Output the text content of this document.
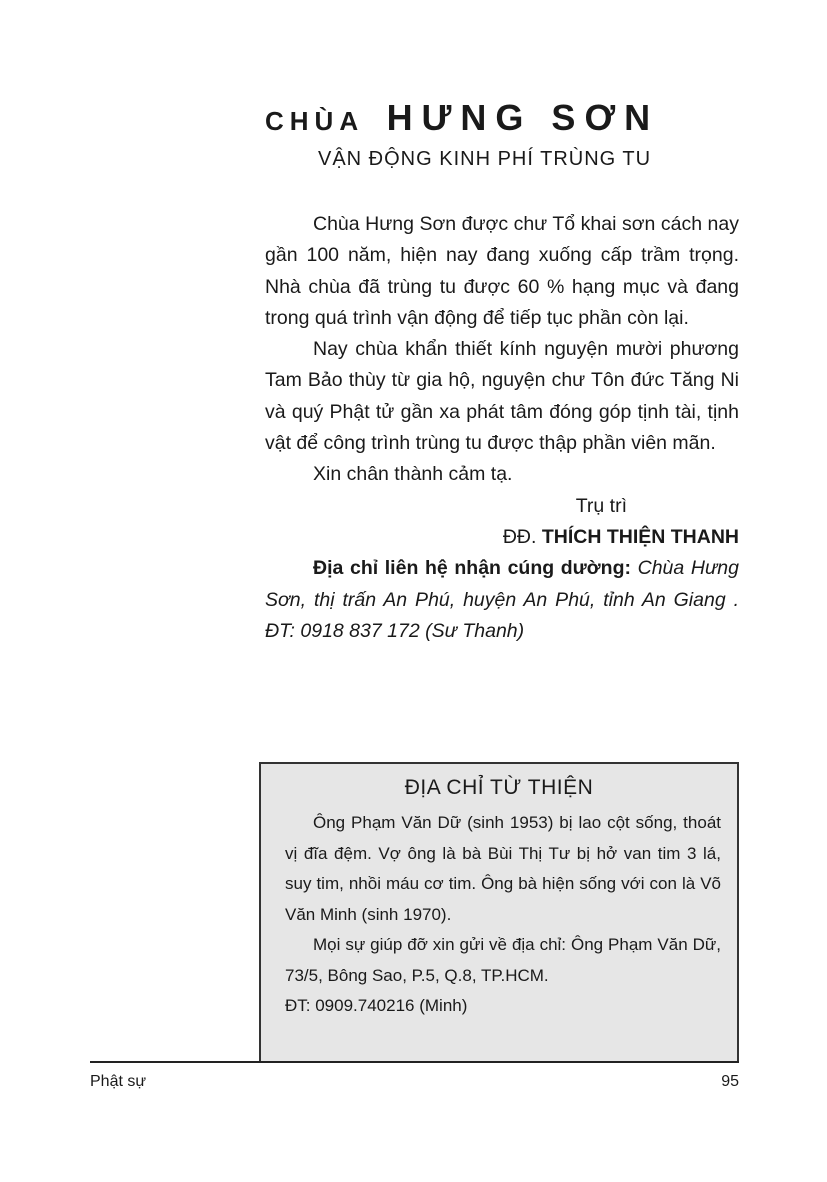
CHÙA HƯNG SƠN
VẬN ĐỘNG KINH PHÍ TRÙNG TU

Chùa Hưng Sơn được chư Tổ khai sơn cách nay gần 100 năm, hiện nay đang xuống cấp trầm trọng. Nhà chùa đã trùng tu được 60 % hạng mục và đang trong quá trình vận động để tiếp tục phần còn lại.

Nay chùa khẩn thiết kính nguyện mười phương Tam Bảo thùy từ gia hộ, nguyện chư Tôn đức Tăng Ni và quý Phật tử gần xa phát tâm đóng góp tịnh tài, tịnh vật để công trình trùng tu được thập phần viên mãn.

Xin chân thành cảm tạ.

Trụ trì

ĐĐ. THÍCH THIỆN THANH

Địa chỉ liên hệ nhận cúng dường: Chùa Hưng Sơn, thị trấn An Phú, huyện An Phú, tỉnh An Giang . ĐT: 0918 837 172 (Sư Thanh)

ĐỊA CHỈ TỪ THIỆN

Ông Phạm Văn Dữ (sinh 1953) bị lao cột sống, thoát vị đĩa đệm. Vợ ông là bà Bùi Thị Tư bị hở van tim 3 lá, suy tim, nhồi máu cơ tim. Ông bà hiện sống với con là Võ Văn Minh (sinh 1970).

Mọi sự giúp đỡ xin gửi về địa chỉ: Ông Phạm Văn Dữ, 73/5, Bông Sao, P.5, Q.8, TP.HCM.

ĐT: 0909.740216 (Minh)

Phật sự	95
